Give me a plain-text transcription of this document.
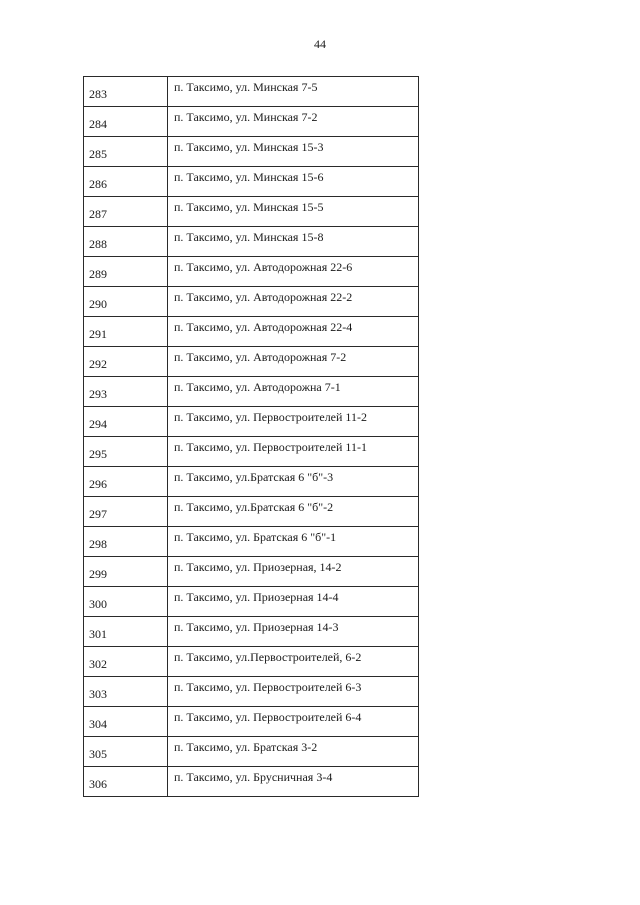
44
283	п. Таксимо, ул. Минская 7-5
284	п. Таксимо, ул. Минская 7-2
285	п. Таксимо, ул. Минская 15-3
286	п. Таксимо, ул. Минская 15-6
287	п. Таксимо, ул. Минская 15-5
288	п. Таксимо, ул. Минская 15-8
289	п. Таксимо, ул. Автодорожная 22-6
290	п. Таксимо, ул. Автодорожная 22-2
291	п. Таксимо, ул. Автодорожная 22-4
292	п. Таксимо, ул. Автодорожная 7-2
293	п. Таксимо, ул. Автодорожна 7-1
294	п. Таксимо, ул. Первостроителей 11-2
295	п. Таксимо, ул. Первостроителей 11-1
296	п. Таксимо, ул.Братская 6 "б"-3
297	п. Таксимо, ул.Братская 6 "б"-2
298	п. Таксимо, ул. Братская 6 "б"-1
299	п. Таксимо, ул. Приозерная, 14-2
300	п. Таксимо, ул. Приозерная 14-4
301	п. Таксимо, ул. Приозерная 14-3
302	п. Таксимо, ул.Первостроителей, 6-2
303	п. Таксимо, ул. Первостроителей 6-3
304	п. Таксимо, ул. Первостроителей 6-4
305	п. Таксимо, ул. Братская 3-2
306	п. Таксимо, ул. Брусничная 3-4
